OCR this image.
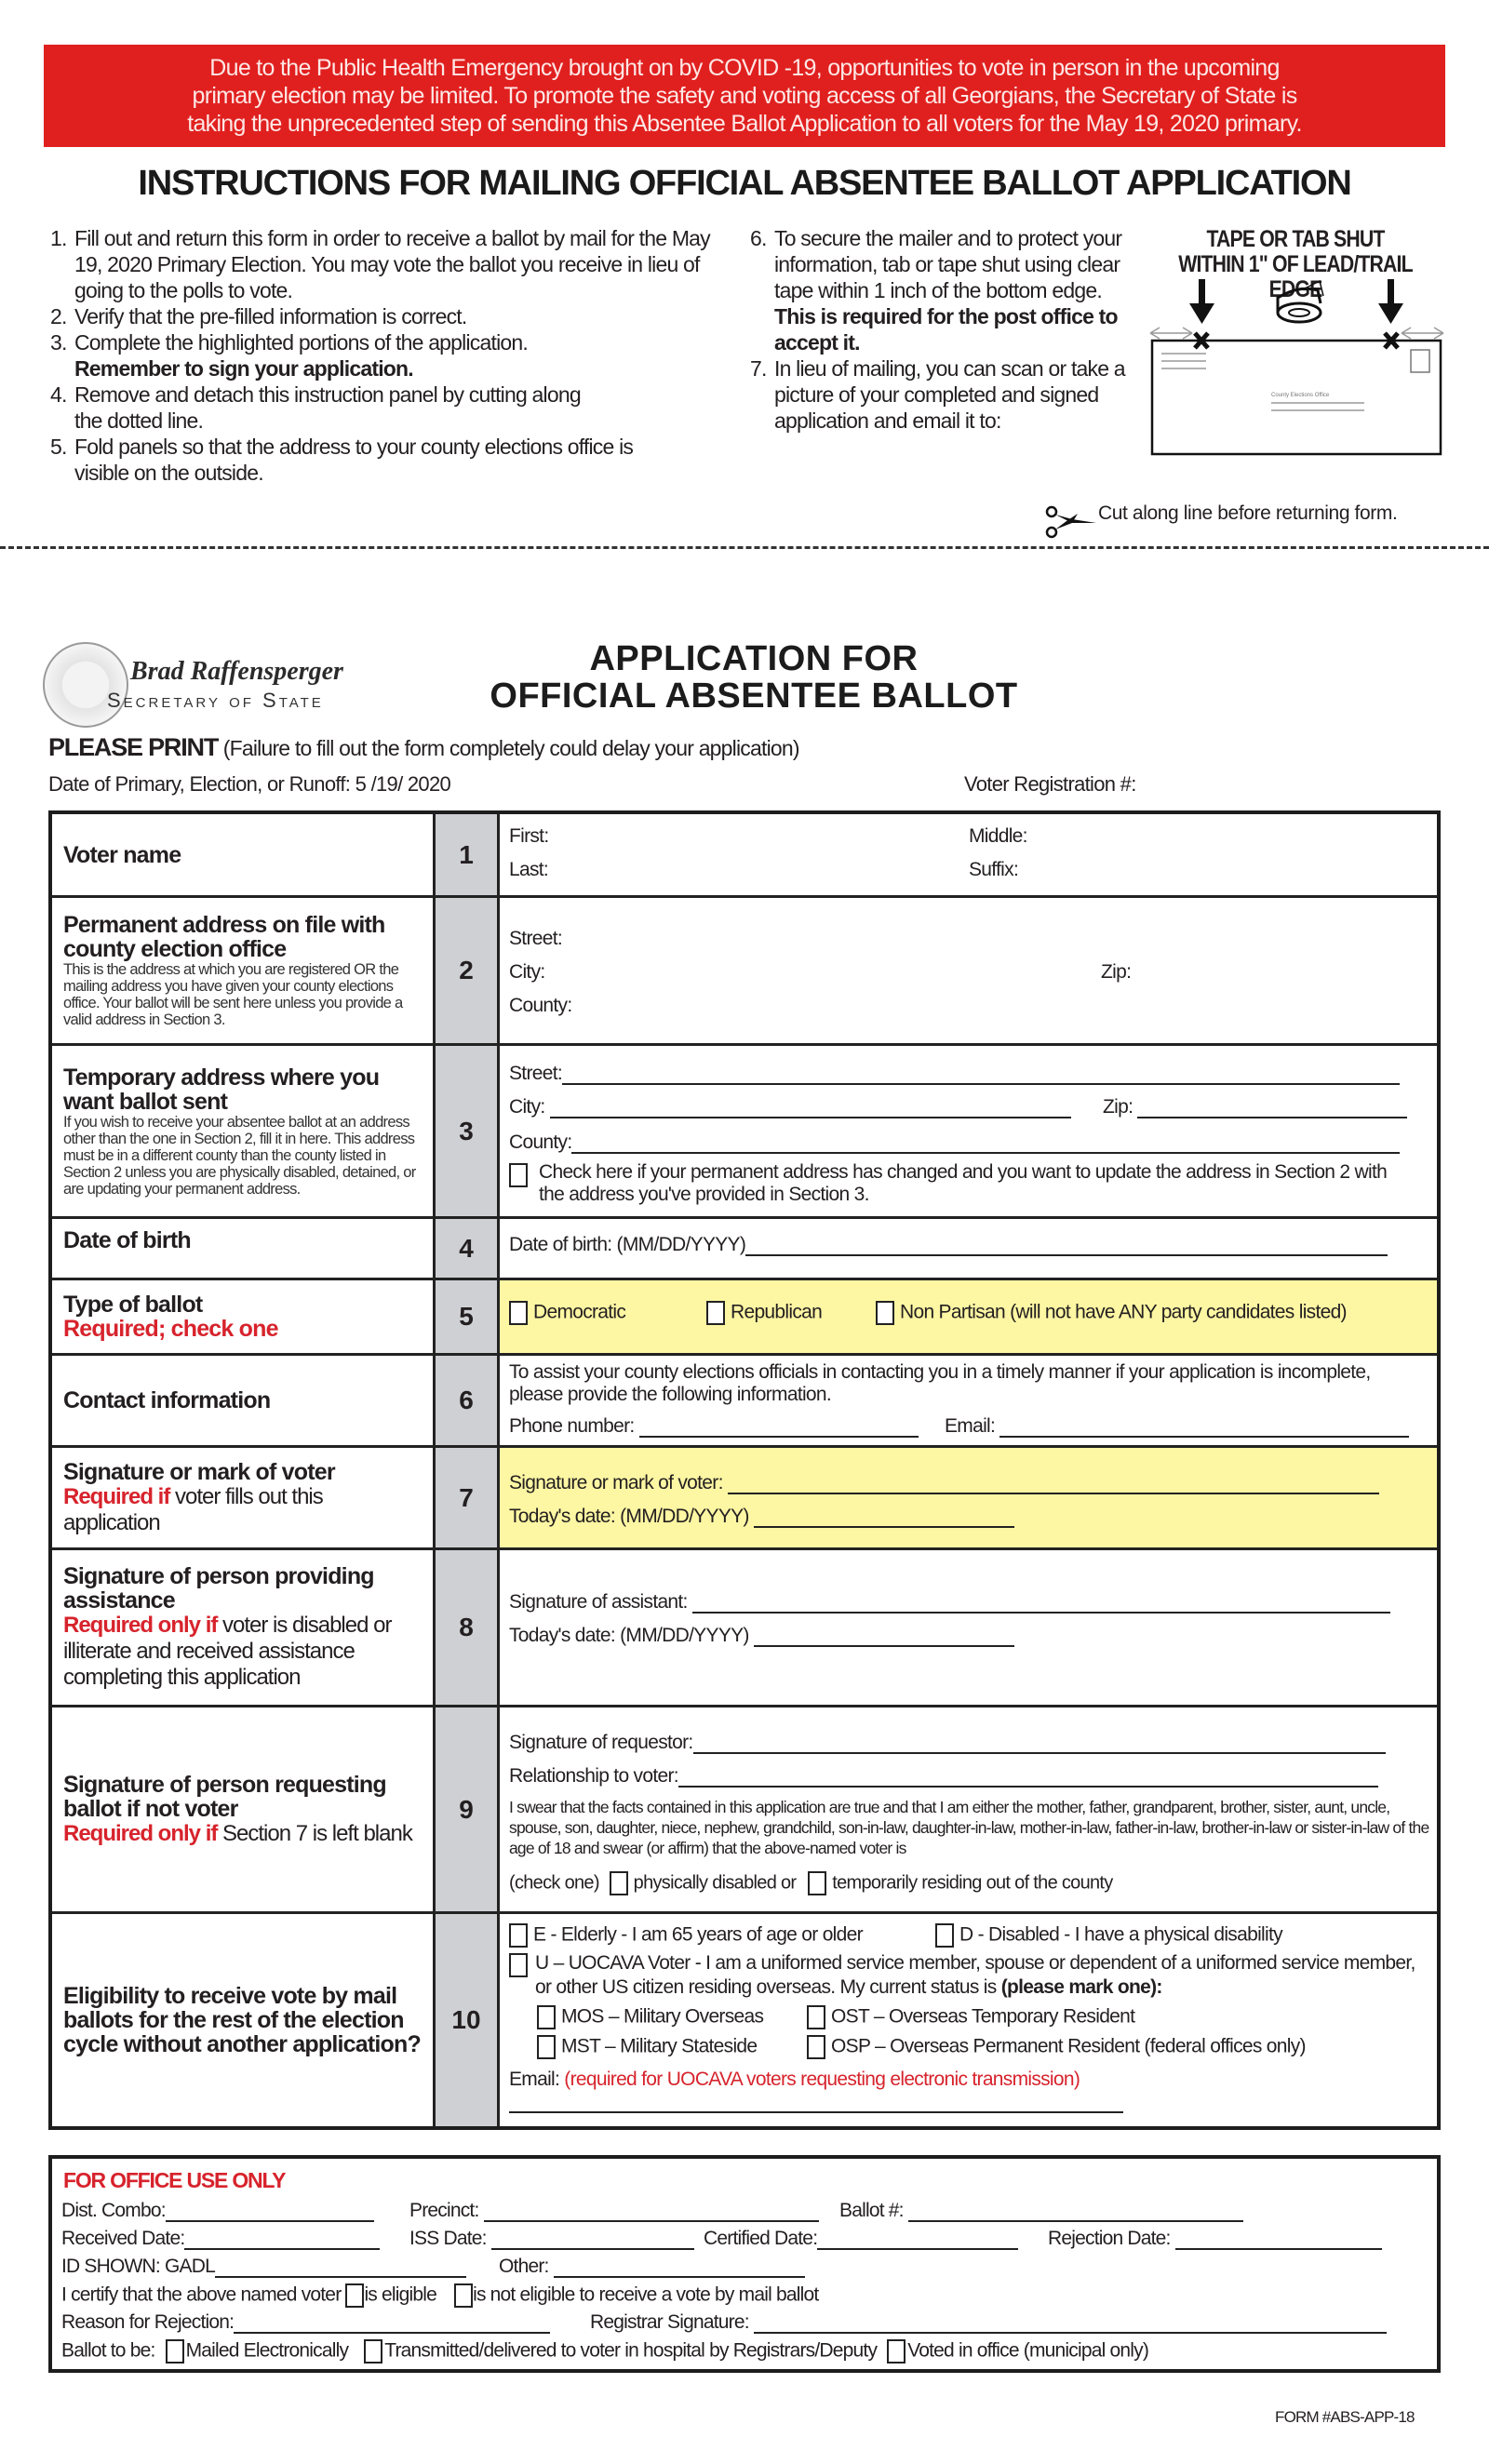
Due to the Public Health Emergency brought on by COVID -19, opportunities to vote in person in the upcoming
primary election may be limited. To promote the safety and voting access of all Georgians, the Secretary of State is
taking the unprecedented step of sending this Absentee Ballot Application to all voters for the May 19, 2020 primary.
INSTRUCTIONS FOR MAILING OFFICIAL ABSENTEE BALLOT APPLICATION
1. Fill out and return this form in order to receive a ballot by mail for the May 19, 2020 Primary Election. You may vote the ballot you receive in lieu of going to the polls to vote.
2. Verify that the pre-filled information is correct.
3. Complete the highlighted portions of the application.
Remember to sign your application.
4. Remove and detach this instruction panel by cutting along the dotted line.
5. Fold panels so that the address to your county elections office is visible on the outside.
6. To secure the mailer and to protect your information, tab or tape shut using clear tape within 1 inch of the bottom edge. This is required for the post office to accept it.
7. In lieu of mailing, you can scan or take a picture of your completed and signed application and email it to:
TAPE OR TAB SHUT WITHIN 1" OF LEAD/TRAIL EDGE
County Elections Office
Cut along line before returning form.
Brad Raffensperger
Secretary of State
APPLICATION FOR
OFFICIAL ABSENTEE BALLOT
PLEASE PRINT (Failure to fill out the form completely could delay your application)
Date of Primary, Election, or Runoff: 5 /19/ 2020	Voter Registration #:
Voter name	1
First:	Middle:
Last:	Suffix:
Permanent address on file with county election office
This is the address at which you are registered OR the mailing address you have given your county elections office. Your ballot will be sent here unless you provide a valid address in Section 3.
2
Street:
City:	Zip:
County:
Temporary address where you want ballot sent
If you wish to receive your absentee ballot at an address other than the one in Section 2, fill it in here. This address must be in a different county than the county listed in Section 2 unless you are physically disabled, detained, or are updating your permanent address.
3
Street:
City:	Zip:
County:
Check here if your permanent address has changed and you want to update the address in Section 2 with the address you've provided in Section 3.
Date of birth	4	Date of birth: (MM/DD/YYYY)
Type of ballot
Required; check one	5	Democratic	Republican	Non Partisan (will not have ANY party candidates listed)
Contact information	6
To assist your county elections officials in contacting you in a timely manner if your application is incomplete, please provide the following information.
Phone number:	Email:
Signature or mark of voter
Required if voter fills out this application
7	Signature or mark of voter:
Today's date: (MM/DD/YYYY)
Signature of person providing assistance
Required only if voter is disabled or illiterate and received assistance completing this application
8
Signature of assistant:
Today's date: (MM/DD/YYYY)
Signature of person requesting ballot if not voter
Required only if Section 7 is left blank
9
Signature of requestor:
Relationship to voter:
I swear that the facts contained in this application are true and that I am either the mother, father, grandparent, brother, sister, aunt, uncle, spouse, son, daughter, niece, nephew, grandchild, son-in-law, daughter-in-law, mother-in-law, father-in-law, brother-in-law or sister-in-law of the age of 18 and swear (or affirm) that the above-named voter is
(check one) physically disabled or temporarily residing out of the county
Eligibility to receive vote by mail ballots for the rest of the election cycle without another application?
10
E - Elderly - I am 65 years of age or older	D - Disabled - I have a physical disability
U – UOCAVA Voter - I am a uniformed service member, spouse or dependent of a uniformed service member, or other US citizen residing overseas. My current status is (please mark one):
MOS – Military Overseas	OST – Overseas Temporary Resident
MST – Military Stateside	OSP – Overseas Permanent Resident (federal offices only)
Email: (required for UOCAVA voters requesting electronic transmission)
FOR OFFICE USE ONLY
Dist. Combo:	Precinct:	Ballot #:
Received Date:	ISS Date:	Certified Date:	Rejection Date:
ID SHOWN: GADL	Other:
I certify that the above named voter is eligible is not eligible to receive a vote by mail ballot
Reason for Rejection:	Registrar Signature:
Ballot to be: Mailed Electronically Transmitted/delivered to voter in hospital by Registrars/Deputy Voted in office (municipal only)
FORM #ABS-APP-18
